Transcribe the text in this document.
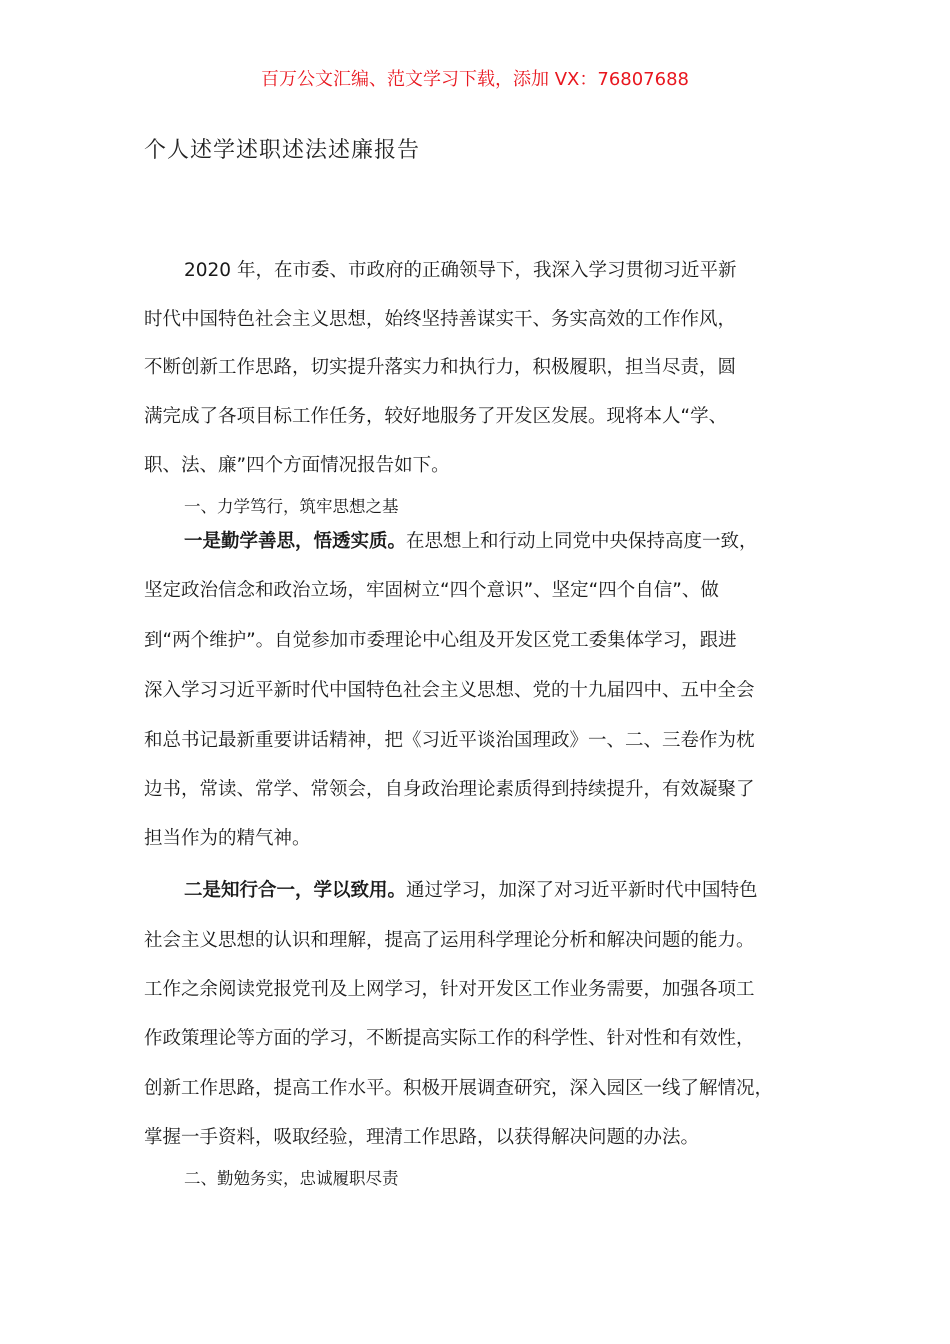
百万公文汇编、范文学习下载，添加 VX：76807688
个人述学述职述法述廉报告
2020 年，在市委、市政府的正确领导下，我深入学习贯彻习近平新
时代中国特色社会主义思想，始终坚持善谋实干、务实高效的工作作风，
不断创新工作思路，切实提升落实力和执行力，积极履职，担当尽责，圆
满完成了各项目标工作任务，较好地服务了开发区发展。现将本人“学、
职、法、廉”四个方面情况报告如下。
一、力学笃行，筑牢思想之基
一是勤学善思，悟透实质。在思想上和行动上同党中央保持高度一致，
坚定政治信念和政治立场，牢固树立“四个意识”、坚定“四个自信”、做
到“两个维护”。自觉参加市委理论中心组及开发区党工委集体学习，跟进
深入学习习近平新时代中国特色社会主义思想、党的十九届四中、五中全会
和总书记最新重要讲话精神，把《习近平谈治国理政》一、二、三卷作为枕
边书，常读、常学、常领会，自身政治理论素质得到持续提升，有效凝聚了
担当作为的精气神。
二是知行合一，学以致用。通过学习，加深了对习近平新时代中国特色
社会主义思想的认识和理解，提高了运用科学理论分析和解决问题的能力。
工作之余阅读党报党刊及上网学习，针对开发区工作业务需要，加强各项工
作政策理论等方面的学习，不断提高实际工作的科学性、针对性和有效性，
创新工作思路，提高工作水平。积极开展调查研究，深入园区一线了解情况，
掌握一手资料，吸取经验，理清工作思路，以获得解决问题的办法。
二、勤勉务实，忠诚履职尽责
